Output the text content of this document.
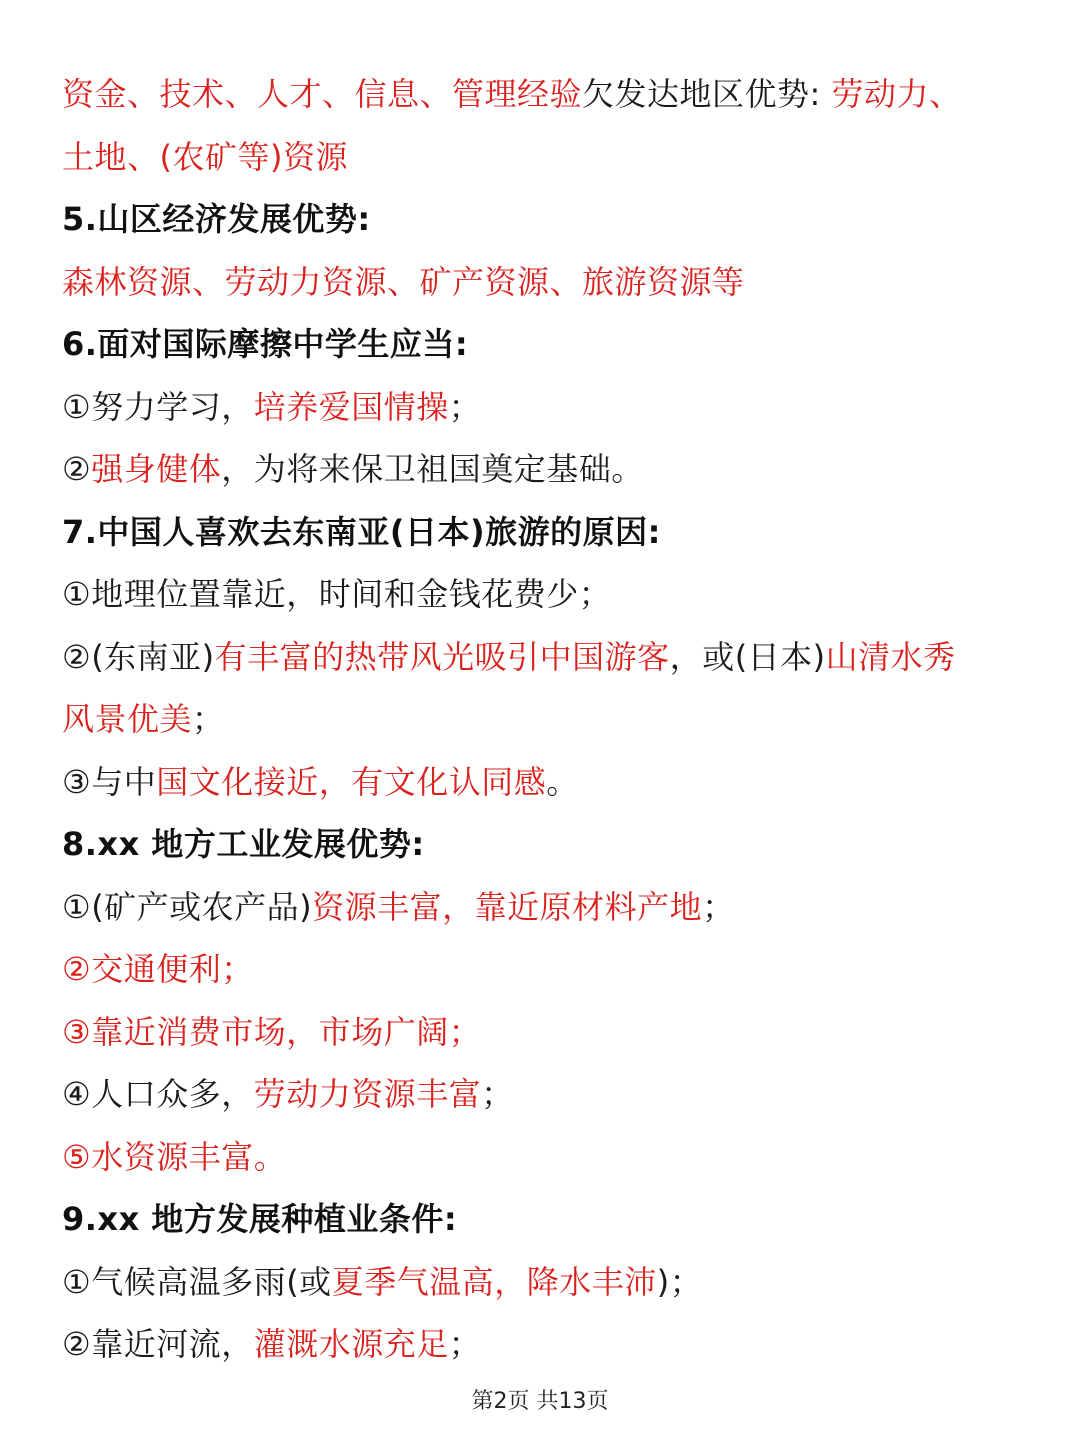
资金、技术、人才、信息、管理经验欠发达地区优势: 劳动力、
土地、(农矿等)资源
5.山区经济发展优势:
森林资源、劳动力资源、矿产资源、旅游资源等
6.面对国际摩擦中学生应当:
①努力学习，培养爱国情操；
②强身健体，为将来保卫祖国奠定基础。
7.中国人喜欢去东南亚(日本)旅游的原因:
①地理位置靠近，时间和金钱花费少；
②(东南亚)有丰富的热带风光吸引中国游客，或(日本)山清水秀
风景优美；
③与中国文化接近，有文化认同感。
8.xx 地方工业发展优势:
①(矿产或农产品)资源丰富，靠近原材料产地；
②交通便利；
③靠近消费市场，市场广阔；
④人口众多，劳动力资源丰富；
⑤水资源丰富。
9.xx 地方发展种植业条件:
①气候高温多雨(或夏季气温高，降水丰沛)；
②靠近河流，灌溉水源充足；
第2页 共13页
